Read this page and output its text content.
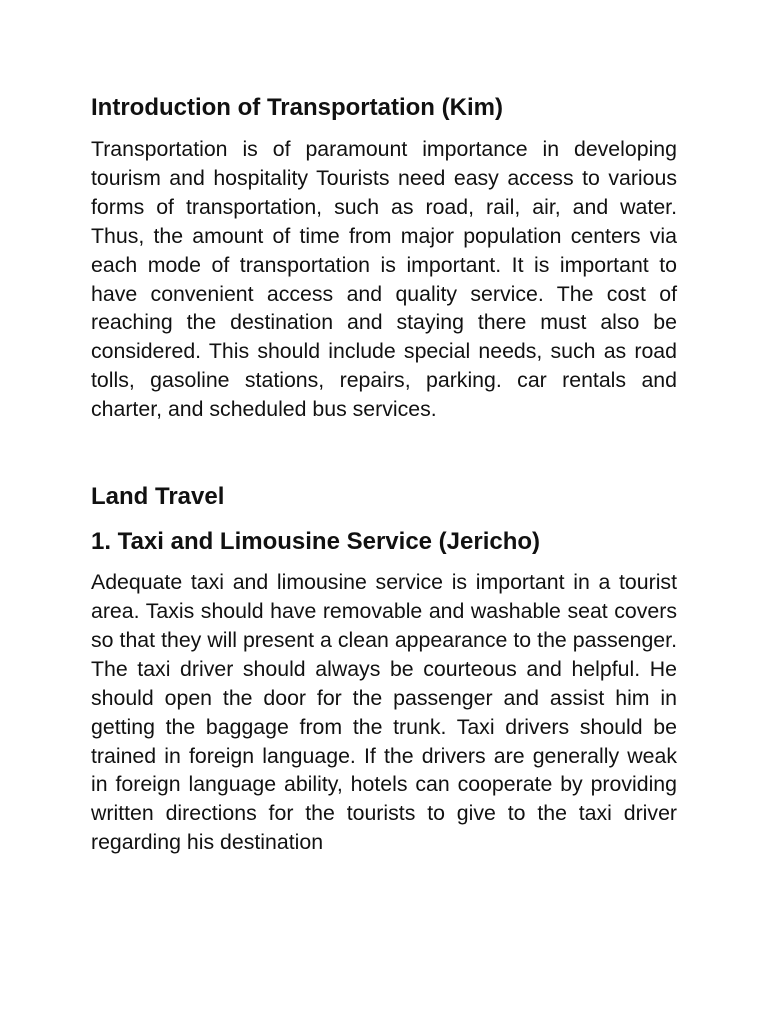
Introduction of Transportation (Kim)

Transportation is of paramount importance in developing tourism and hospitality Tourists need easy access to various forms of transportation, such as road, rail, air, and water. Thus, the amount of time from major population centers via each mode of transportation is important. It is important to have convenient access and quality service. The cost of reaching the destination and staying there must also be considered. This should include special needs, such as road tolls, gasoline stations, repairs, parking. car rentals and charter, and scheduled bus services.

Land Travel
1. Taxi and Limousine Service (Jericho)

Adequate taxi and limousine service is important in a tourist area. Taxis should have removable and washable seat covers so that they will present a clean appearance to the passenger. The taxi driver should always be courteous and helpful. He should open the door for the passenger and assist him in getting the baggage from the trunk. Taxi drivers should be trained in foreign language. If the drivers are generally weak in foreign language ability, hotels can cooperate by providing written directions for the tourists to give to the taxi driver regarding his destination
